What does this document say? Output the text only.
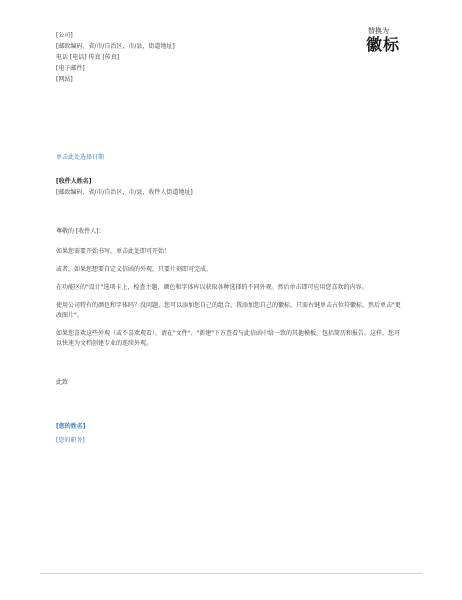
[公司]
[邮政编码，省/市/自治区，市/县，街道地址]
电话 [电话] 传真 [传真]
[电子邮件]
[网站]
替换为
徽标
单击此处选择日期
[收件人姓名]
[邮政编码，省/市/自治区，市/县，收件人街道地址]
尊敬的 [收件人]：

如果您需要开始书写，单击此处即可开始！

或者，如果您想要自定义信函的外观，只要片刻即可完成。

在功能区的"设计"选项卡上，检查主题、颜色和字体库以获取各种选择的不同外观。然后单击即可应用您喜欢的内容。

使用公司特有的颜色和字体吗？没问题。您可以添加您自己的组合。我添加您自己的徽标，只需右键单击占位符徽标，然后单击"更改图片"。

如果您喜欢这些外观（或不喜欢观看），请在"文件"、"新建"下方查看与此信函中给一致的其他模板，包括简历和报告。这样，您可以快速为文档创建专业的连续外观。

此致
[您的姓名]
[您的职务]
